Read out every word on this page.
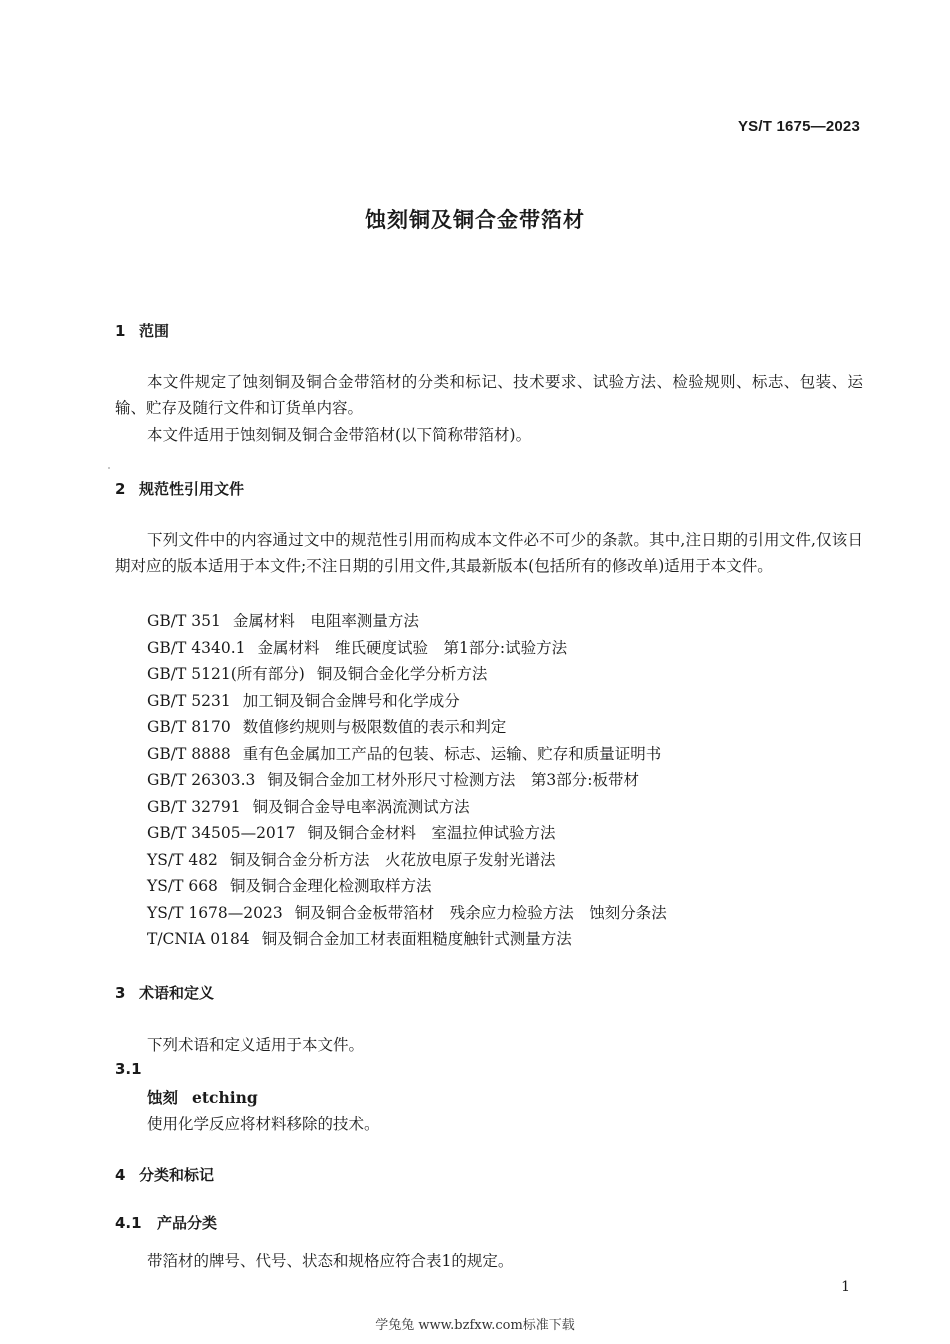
YS/T 1675—2023
蚀刻铜及铜合金带箔材
1 范围

本文件规定了蚀刻铜及铜合金带箔材的分类和标记、技术要求、试验方法、检验规则、标志、包装、运输、贮存及随行文件和订货单内容。

本文件适用于蚀刻铜及铜合金带箔材(以下简称带箔材)。

2 规范性引用文件

下列文件中的内容通过文中的规范性引用而构成本文件必不可少的条款。其中,注日期的引用文件,仅该日期对应的版本适用于本文件;不注日期的引用文件,其最新版本(包括所有的修改单)适用于本文件。

GB/T 351 金属材料　电阻率测量方法
GB/T 4340.1 金属材料　维氏硬度试验　第1部分:试验方法
GB/T 5121(所有部分) 铜及铜合金化学分析方法
GB/T 5231 加工铜及铜合金牌号和化学成分
GB/T 8170 数值修约规则与极限数值的表示和判定
GB/T 8888 重有色金属加工产品的包装、标志、运输、贮存和质量证明书
GB/T 26303.3 铜及铜合金加工材外形尺寸检测方法　第3部分:板带材
GB/T 32791 铜及铜合金导电率涡流测试方法
GB/T 34505—2017 铜及铜合金材料　室温拉伸试验方法
YS/T 482 铜及铜合金分析方法　火花放电原子发射光谱法
YS/T 668 铜及铜合金理化检测取样方法
YS/T 1678—2023 铜及铜合金板带箔材　残余应力检验方法　蚀刻分条法
T/CNIA 0184 铜及铜合金加工材表面粗糙度触针式测量方法
3 术语和定义

下列术语和定义适用于本文件。

3.1
蚀刻 etching
使用化学反应将材料移除的技术。
4 分类和标记
4.1 产品分类

带箔材的牌号、代号、状态和规格应符合表1的规定。

1
学兔兔 www.bzfxw.com标准下载
